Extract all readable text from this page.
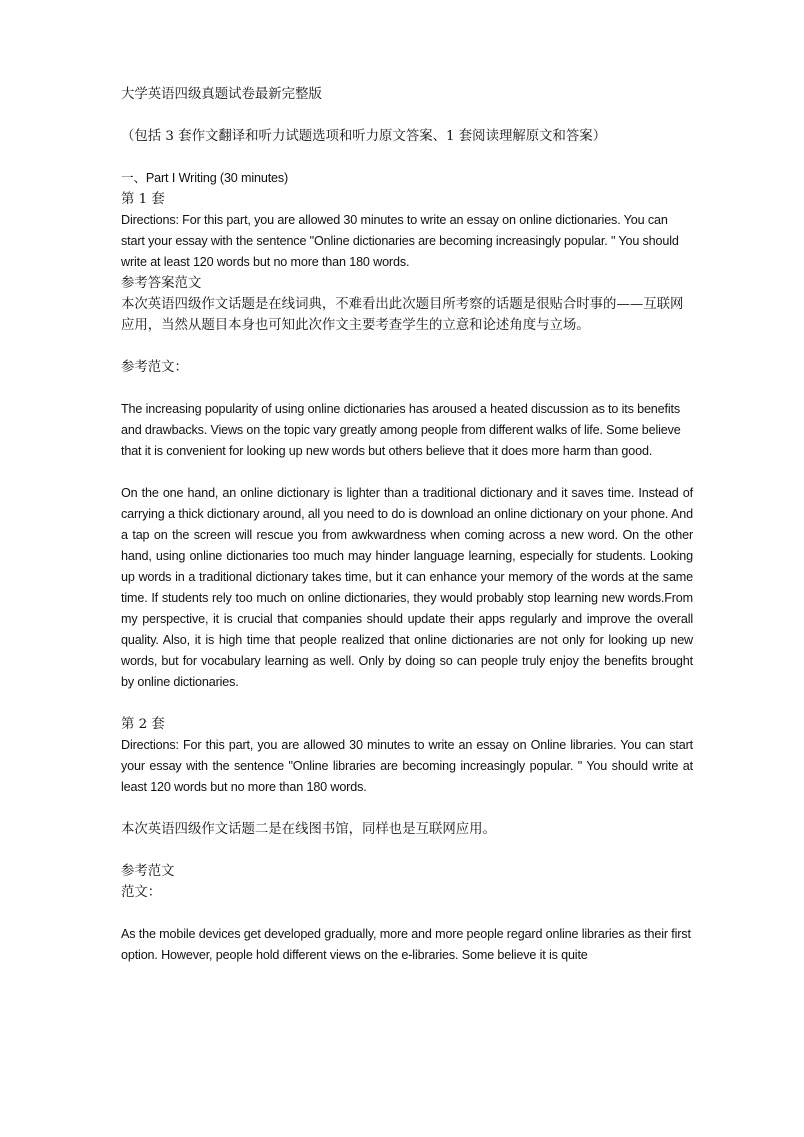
大学英语四级真题试卷最新完整版

（包括 3 套作文翻译和听力试题选项和听力原文答案、1 套阅读理解原文和答案）

一、Part Ⅰ Writing (30 minutes)

第 1 套

Directions: For this part, you are allowed 30 minutes to write an essay on online dictionaries. You can start your essay with the sentence "Online dictionaries are becoming increasingly popular. " You should write at least 120 words but no more than 180 words.

参考答案范文

本次英语四级作文话题是在线词典，不难看出此次题目所考察的话题是很贴合时事的——互联网应用，当然从题目本身也可知此次作文主要考查学生的立意和论述角度与立场。

参考范文：

The increasing popularity of using online dictionaries has aroused a heated discussion as to its benefits and drawbacks. Views on the topic vary greatly among people from different walks of life. Some believe that it is convenient for looking up new words but others believe that it does more harm than good.

On the one hand, an online dictionary is lighter than a traditional dictionary and it saves time. Instead of carrying a thick dictionary around, all you need to do is download an online dictionary on your phone. And a tap on the screen will rescue you from awkwardness when coming across a new word. On the other hand, using online dictionaries too much may hinder language learning, especially for students. Looking up words in a traditional dictionary takes time, but it can enhance your memory of the words at the same time. If students rely too much on online dictionaries, they would probably stop learning new words.From my perspective, it is crucial that companies should update their apps regularly and improve the overall quality. Also, it is high time that people realized that online dictionaries are not only for looking up new words, but for vocabulary learning as well. Only by doing so can people truly enjoy the benefits brought by online dictionaries.

第 2 套

Directions: For this part, you are allowed 30 minutes to write an essay on Online libraries. You can start your essay with the sentence "Online libraries are becoming increasingly popular. " You should write at least 120 words but no more than 180 words.

本次英语四级作文话题二是在线图书馆，同样也是互联网应用。

参考范文

范文：

As the mobile devices get developed gradually, more and more people regard online libraries as their first option. However, people hold different views on the e-libraries. Some believe it is quite
